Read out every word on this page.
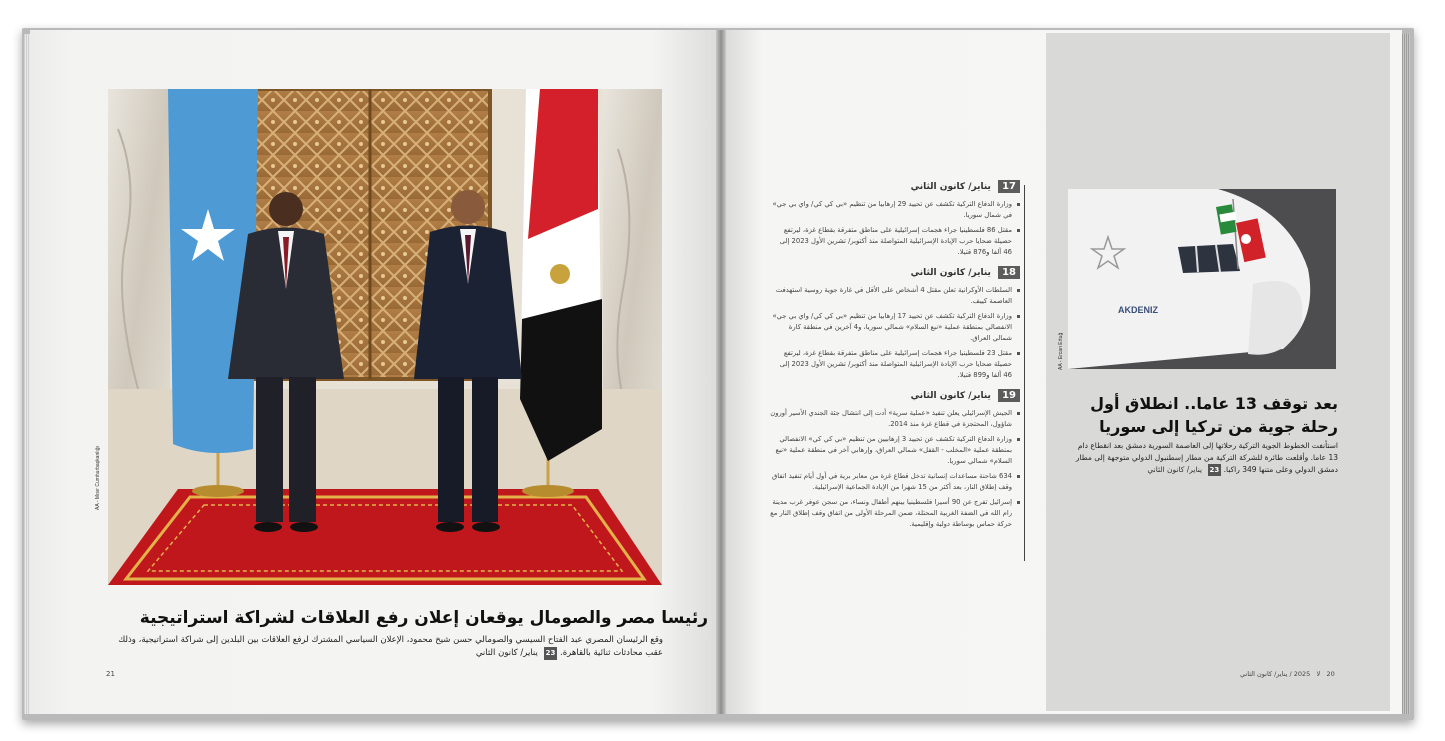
AA - Mısır Cumhurbaşkanlığı
رئيسا مصر والصومال يوقعان إعلان رفع العلاقات لشراكة استراتيجية
وقع الرئيسان المصري عبد الفتاح السيسي والصومالي حسن شيخ محمود، الإعلان السياسي المشترك لرفع العلاقات بين البلدين إلى شراكة استراتيجية، وذلك عقب محادثات ثنائية بالقاهرة. 23 يناير/ كانون الثاني
21
17 يناير/ كانون الثاني
وزارة الدفاع التركية تكشف عن تحييد 29 إرهابيا من تنظيم «بي كي كي/ واي بي جي» في شمال سوريا.
مقتل 86 فلسطينيا جراء هجمات إسرائيلية على مناطق متفرقة بقطاع غزة، ليرتفع حصيلة ضحايا حرب الإبادة الإسرائيلية المتواصلة منذ أكتوبر/ تشرين الأول 2023 إلى 46 ألفا و876 قتيلا.
18 يناير/ كانون الثاني
السلطات الأوكرانية تعلن مقتل 4 أشخاص على الأقل في غارة جوية روسية استهدفت العاصمة كييف.
وزارة الدفاع التركية تكشف عن تحييد 17 إرهابيا من تنظيم «بي كي كي/ واي بي جي» الانفصالي بمنطقة عملية «نبع السلام» شمالي سوريا، و4 آخرين في منطقة كارة شمالي العراق.
مقتل 23 فلسطينيا جراء هجمات إسرائيلية على مناطق متفرقة بقطاع غزة، ليرتفع حصيلة ضحايا حرب الإبادة الإسرائيلية المتواصلة منذ أكتوبر/ تشرين الأول 2023 إلى 46 ألفا و899 قتيلا.
19 يناير/ كانون الثاني
الجيش الإسرائيلي يعلن تنفيذ «عملية سرية» أدت إلى انتشال جثة الجندي الأسير أورون شاؤول، المحتجزة في قطاع غزة منذ 2014.
وزارة الدفاع التركية تكشف عن تحييد 3 إرهابيين من تنظيم «بي كي كي» الانفصالي بمنطقة عملية «المخلب - القفل» شمالي العراق، وإرهابي آخر في منطقة عملية «نبع السلام» شمالي سوريا.
634 شاحنة مساعدات إنسانية تدخل قطاع غزة من معابر برية في أول أيام تنفيذ اتفاق وقف إطلاق النار، بعد أكثر من 15 شهرا من الإبادة الجماعية الإسرائيلية.
إسرائيل تفرج عن 90 أسيرا فلسطينيا بينهم أطفال ونساء، من سجن عوفر غرب مدينة رام الله في الضفة الغربية المحتلة، ضمن المرحلة الأولى من اتفاق وقف إطلاق النار مع حركة حماس بوساطة دولية وإقليمية.
AKDENIZ
AA - Ercan Ertuğ
بعد توقف 13 عاما.. انطلاق أول رحلة جوية من تركيا إلى سوريا
استأنفت الخطوط الجوية التركية رحلاتها إلى العاصمة السورية دمشق بعد انقطاع دام 13 عاما. وأقلعت طائرة للشركة التركية من مطار إسطنبول الدولي متوجهة إلى مطار دمشق الدولي وعلى متنها 349 راكبا. 23 يناير/ كانون الثاني
20   لا   2025 / يناير/ كانون الثاني
